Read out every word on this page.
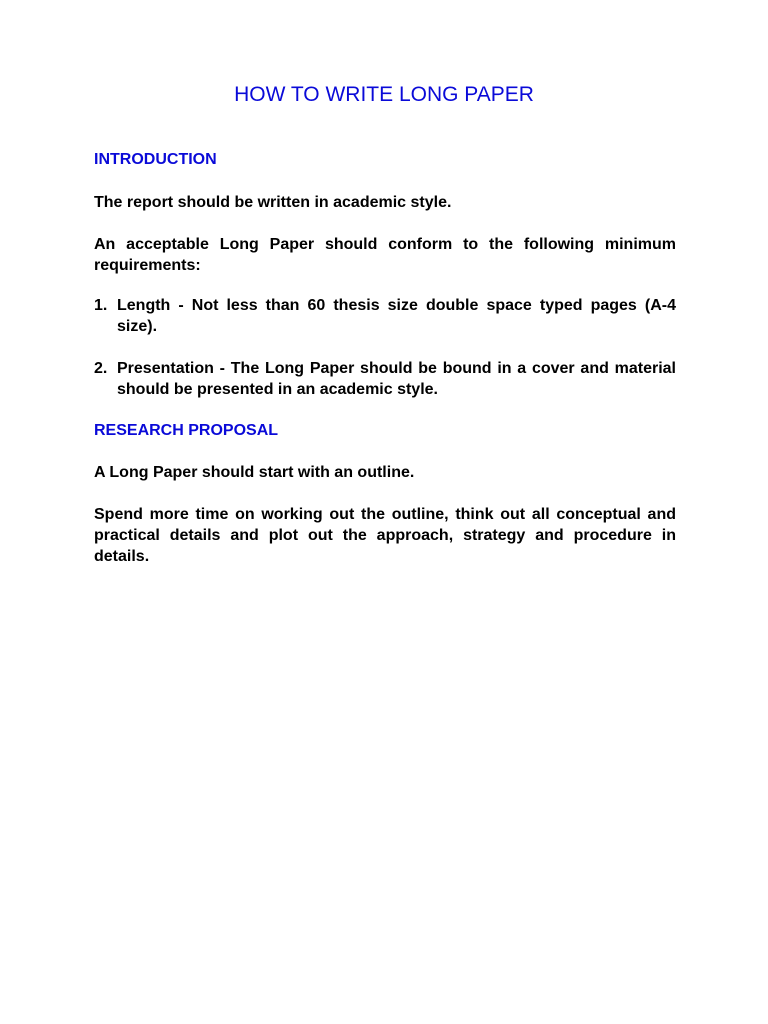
HOW TO WRITE LONG PAPER
INTRODUCTION

The report should be written in academic style.

An acceptable Long Paper should conform to the following minimum requirements:

1. Length - Not less than 60 thesis size double space typed pages (A-4 size).
2. Presentation - The Long Paper should be bound in a cover and material should be presented in an academic style.
RESEARCH PROPOSAL

A Long Paper should start with an outline.

Spend more time on working out the outline, think out all conceptual and practical details and plot out the approach, strategy and procedure in details.
